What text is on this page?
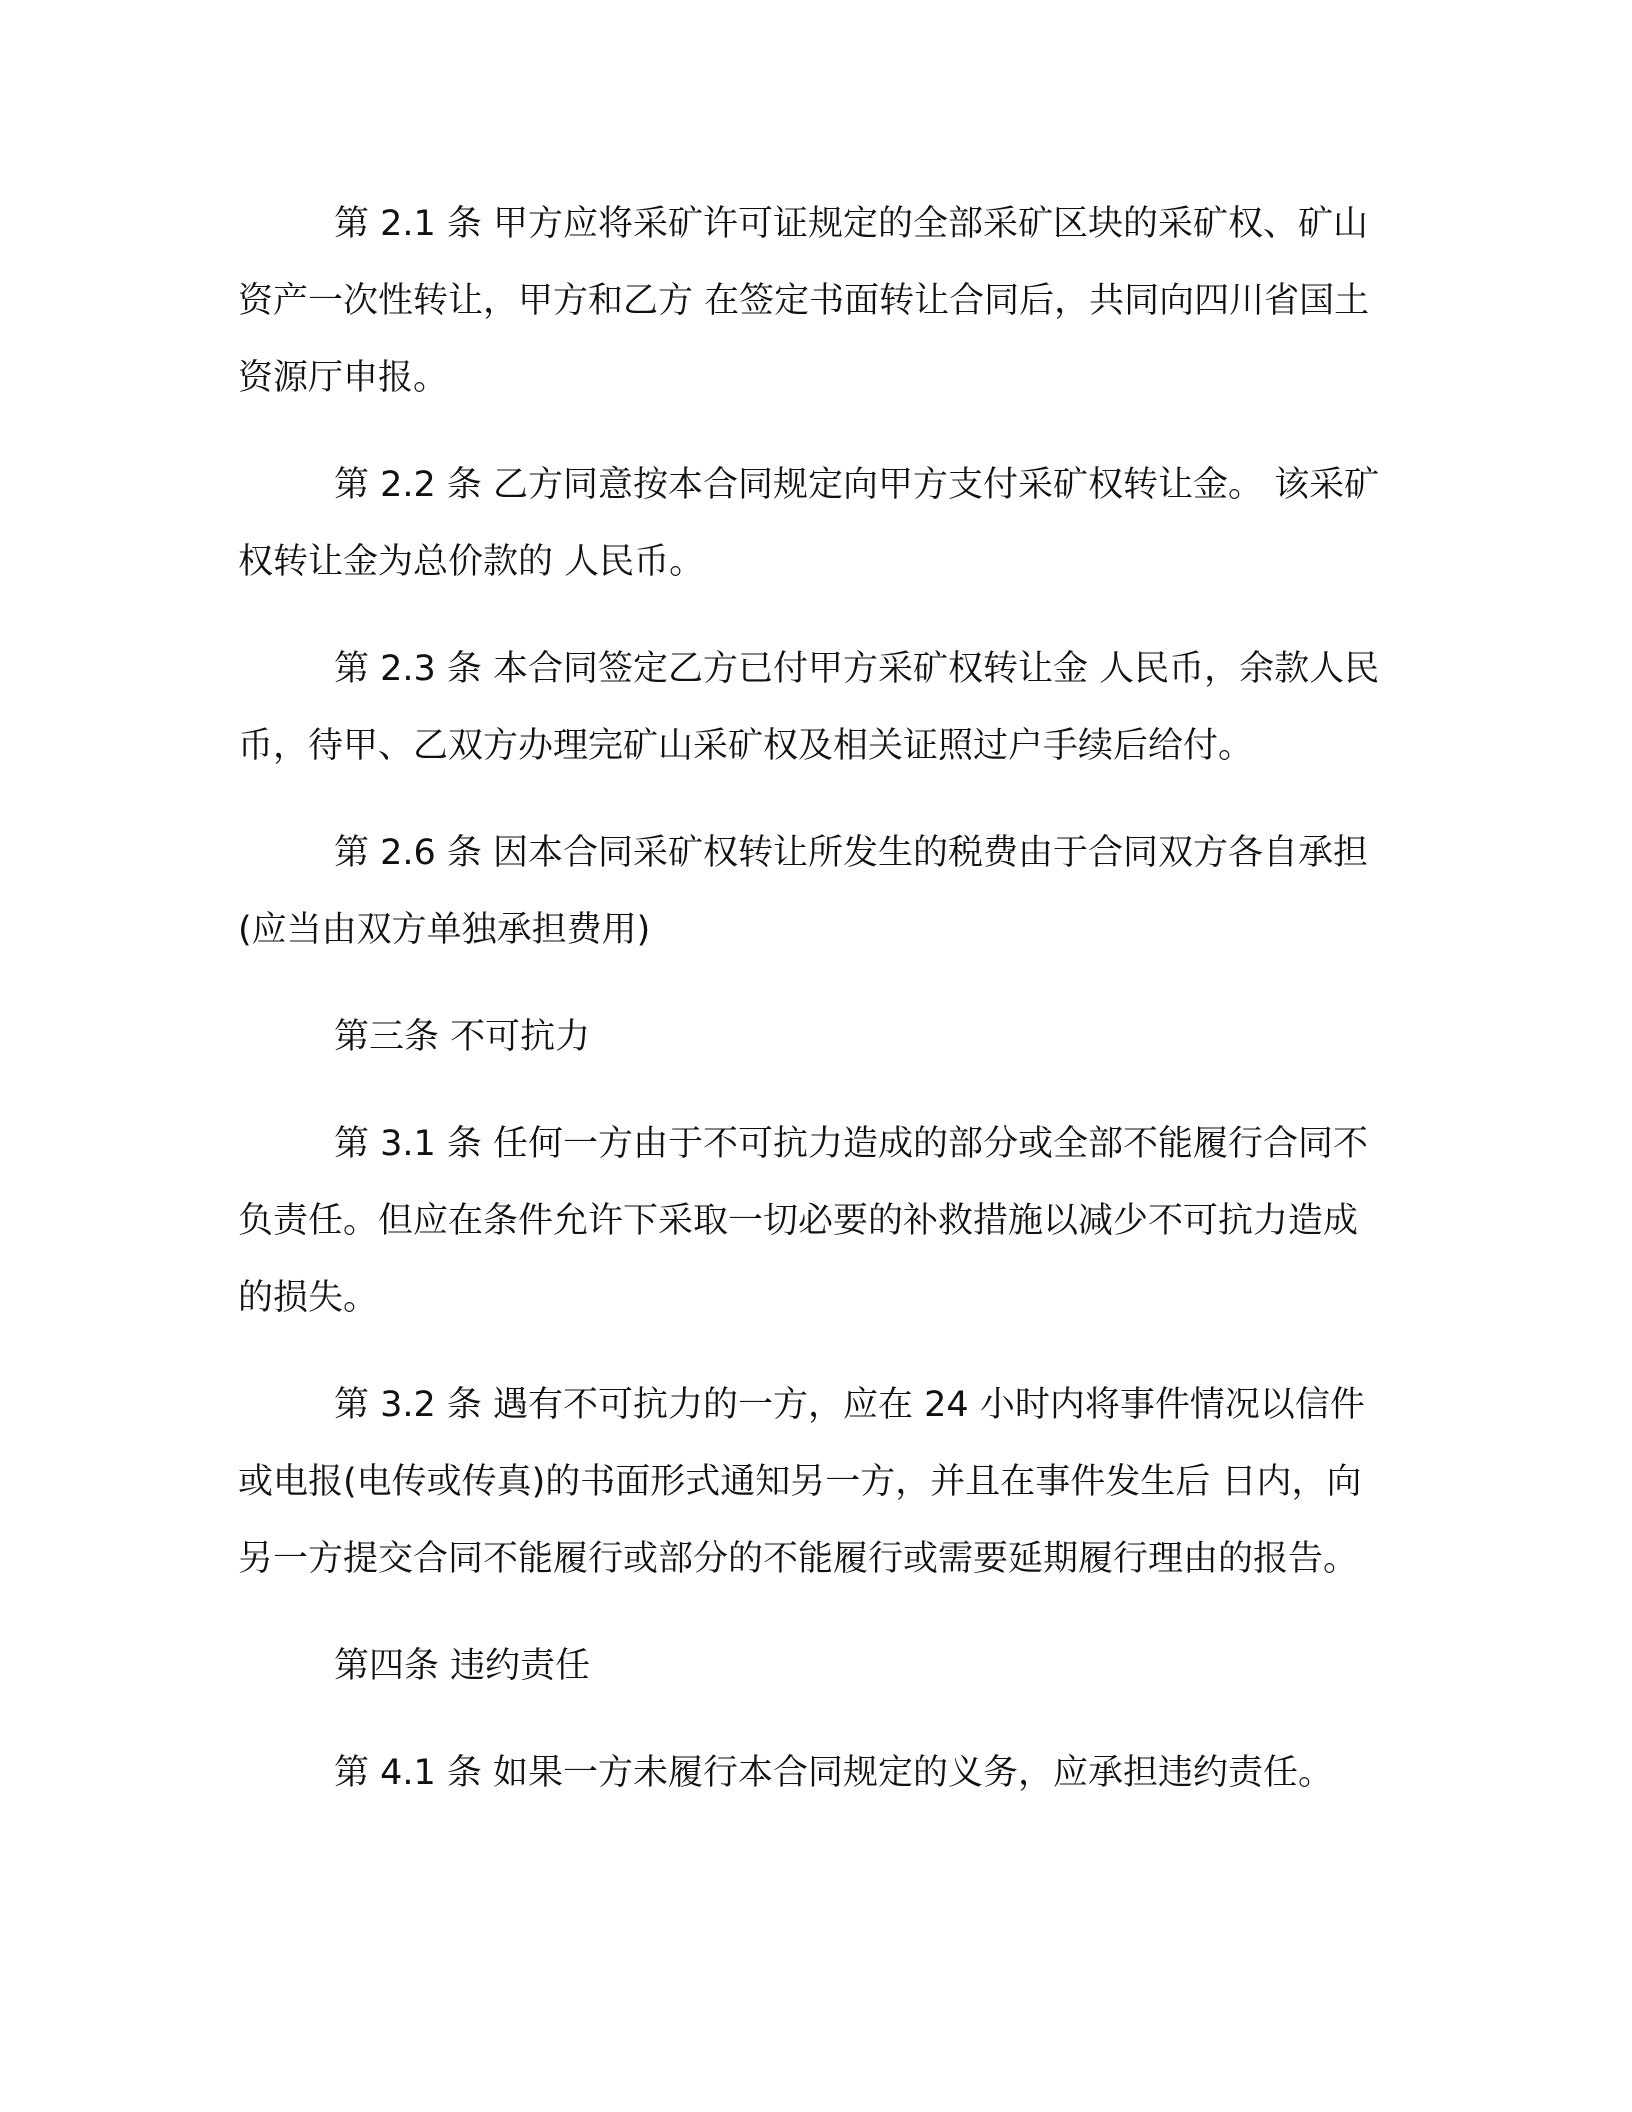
第 2.1 条 甲方应将采矿许可证规定的全部采矿区块的采矿权、矿山资产一次性转让，甲方和乙方 在签定书面转让合同后，共同向四川省国土资源厅申报。

第 2.2 条 乙方同意按本合同规定向甲方支付采矿权转让金。 该采矿权转让金为总价款的 人民币。

第 2.3 条 本合同签定乙方已付甲方采矿权转让金 人民币，余款人民币，待甲、乙双方办理完矿山采矿权及相关证照过户手续后给付。

第 2.6 条 因本合同采矿权转让所发生的税费由于合同双方各自承担(应当由双方单独承担费用)

第三条 不可抗力

第 3.1 条 任何一方由于不可抗力造成的部分或全部不能履行合同不负责任。但应在条件允许下采取一切必要的补救措施以减少不可抗力造成的损失。

第 3.2 条 遇有不可抗力的一方，应在 24 小时内将事件情况以信件或电报(电传或传真)的书面形式通知另一方，并且在事件发生后 日内，向另一方提交合同不能履行或部分的不能履行或需要延期履行理由的报告。

第四条 违约责任

第 4.1 条 如果一方未履行本合同规定的义务，应承担违约责任。
